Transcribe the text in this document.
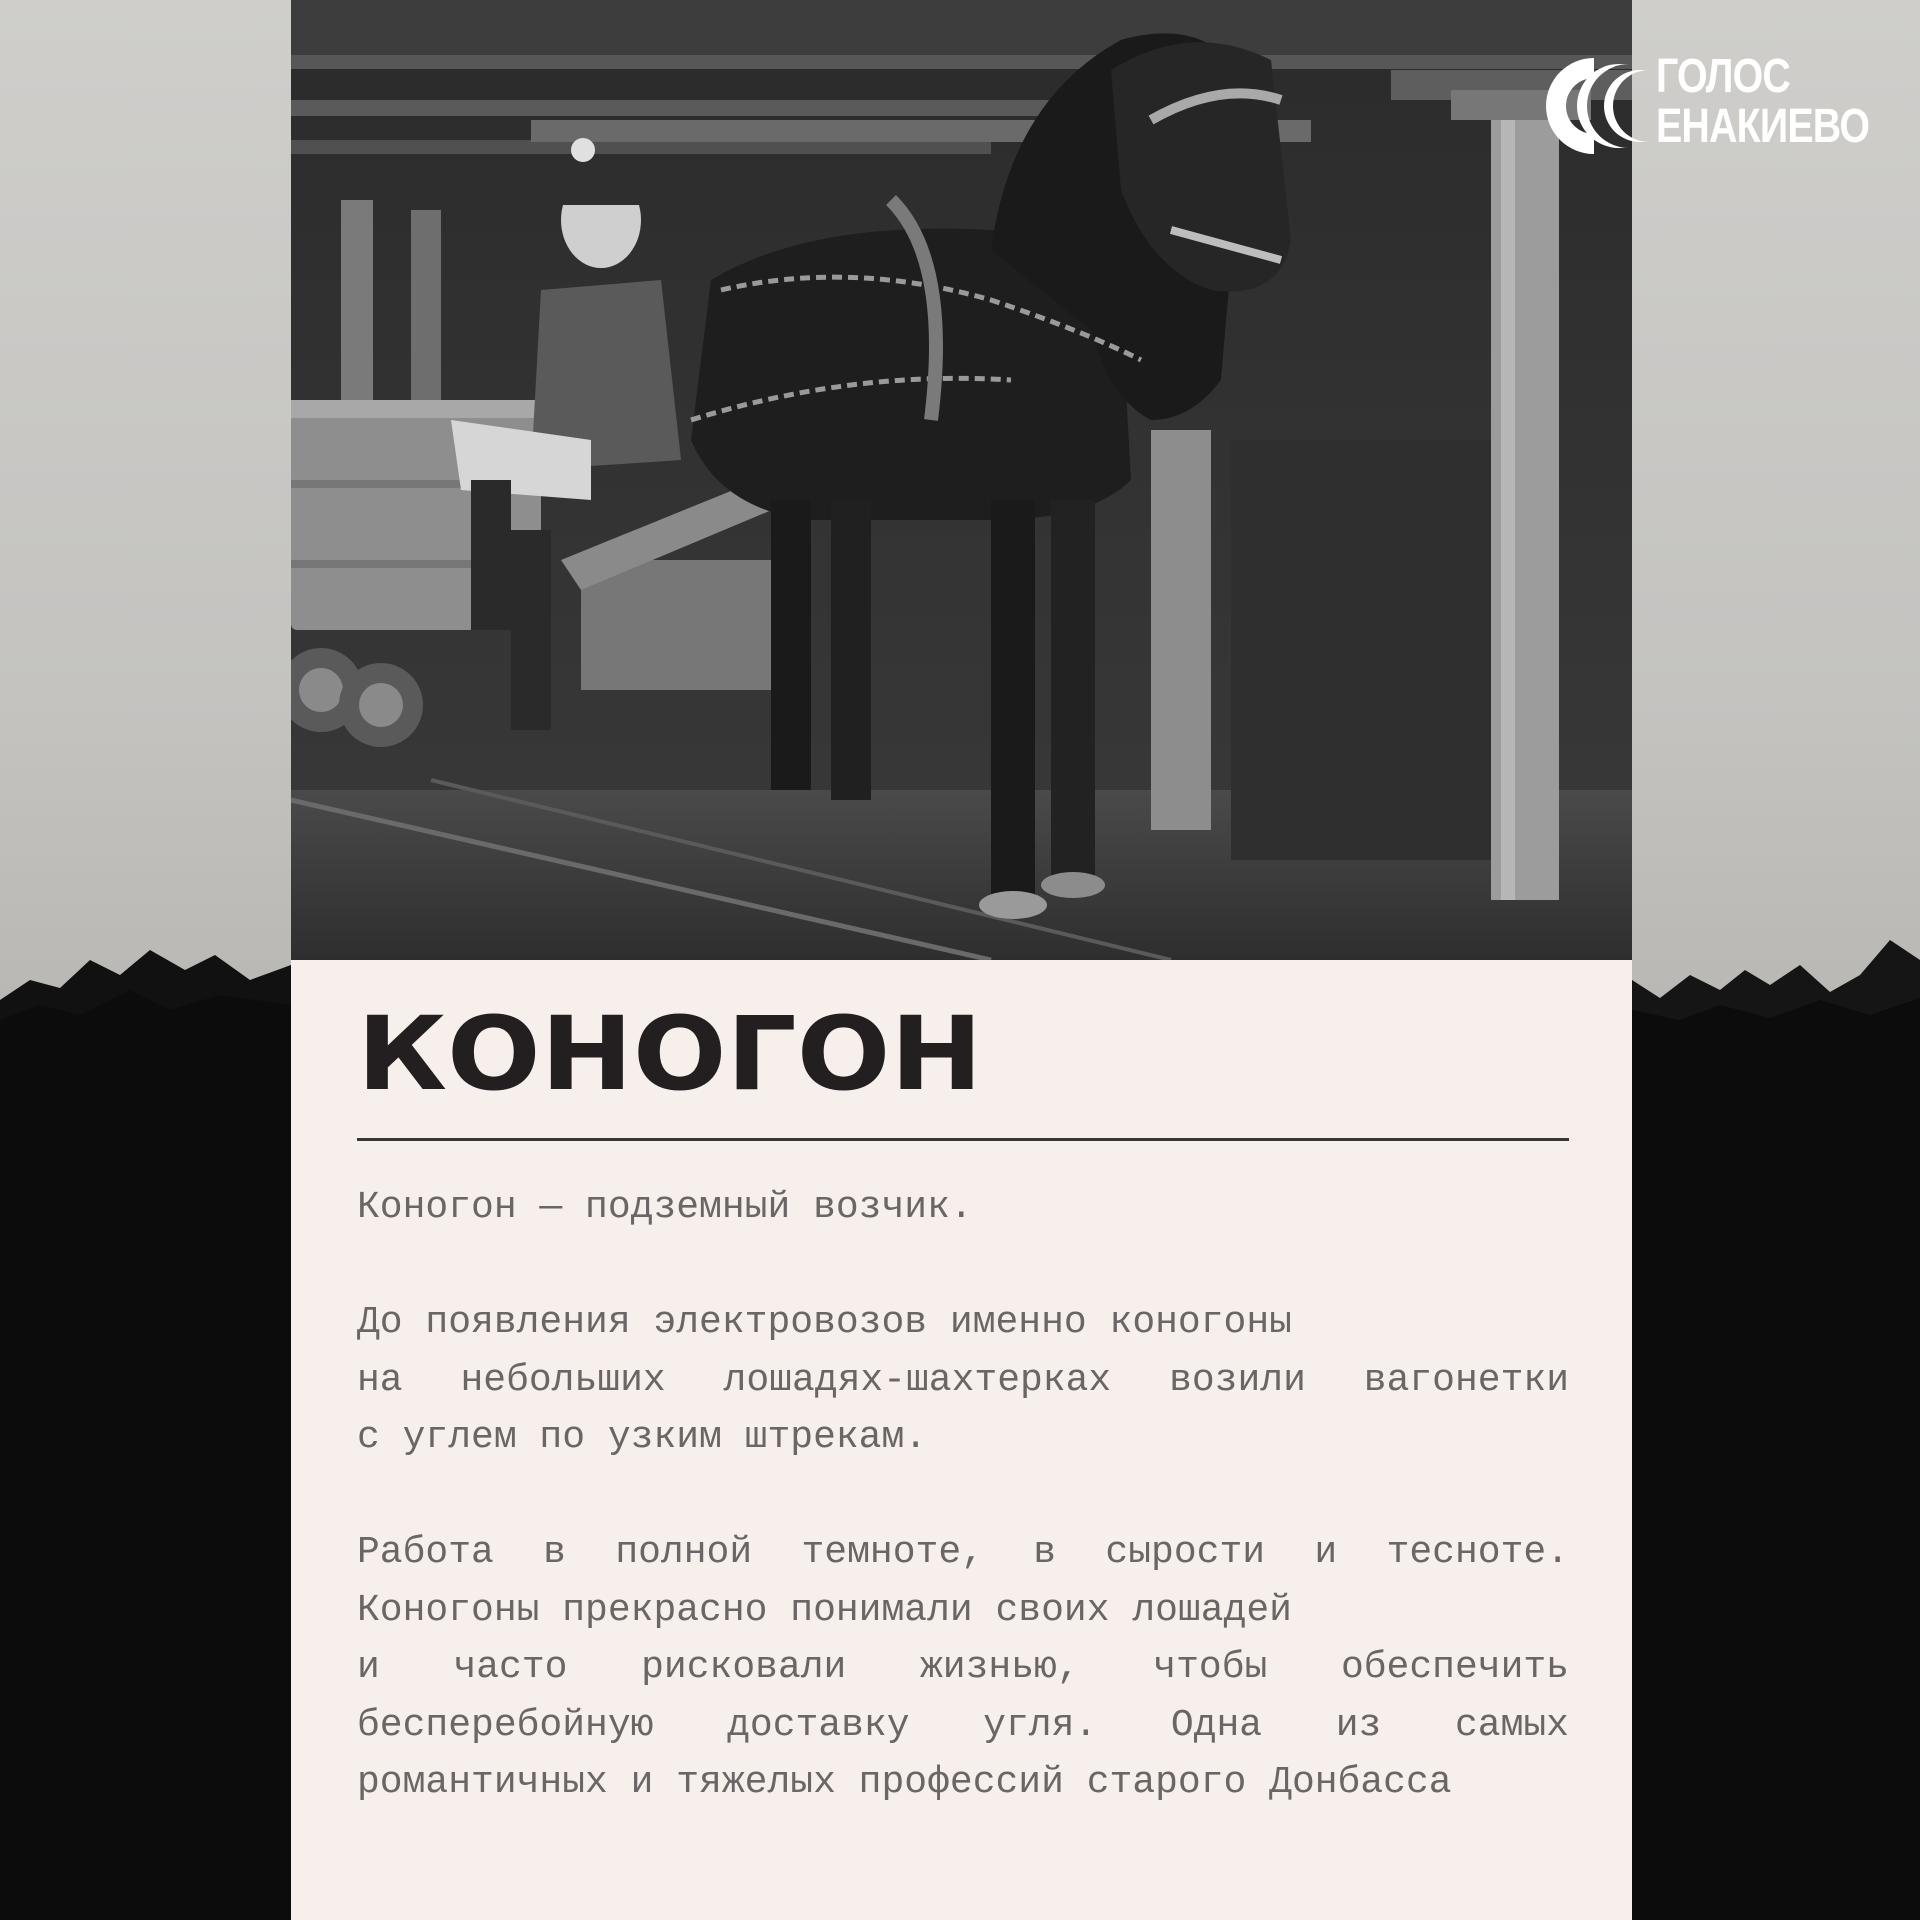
ГОЛОС
ЕНАКИЕВО
КОНОГОН

Коногон — подземный возчик.

До появления электровозов именно коногоны
на небольших лошадях-шахтерках возили вагонетки
с углем по узким штрекам.

Работа в полной темноте, в сырости и тесноте.
Коногоны прекрасно понимали своих лошадей
и часто рисковали жизнью, чтобы обеспечить
бесперебойную доставку угля. Одна из самых
романтичных и тяжелых профессий старого Донбасса
